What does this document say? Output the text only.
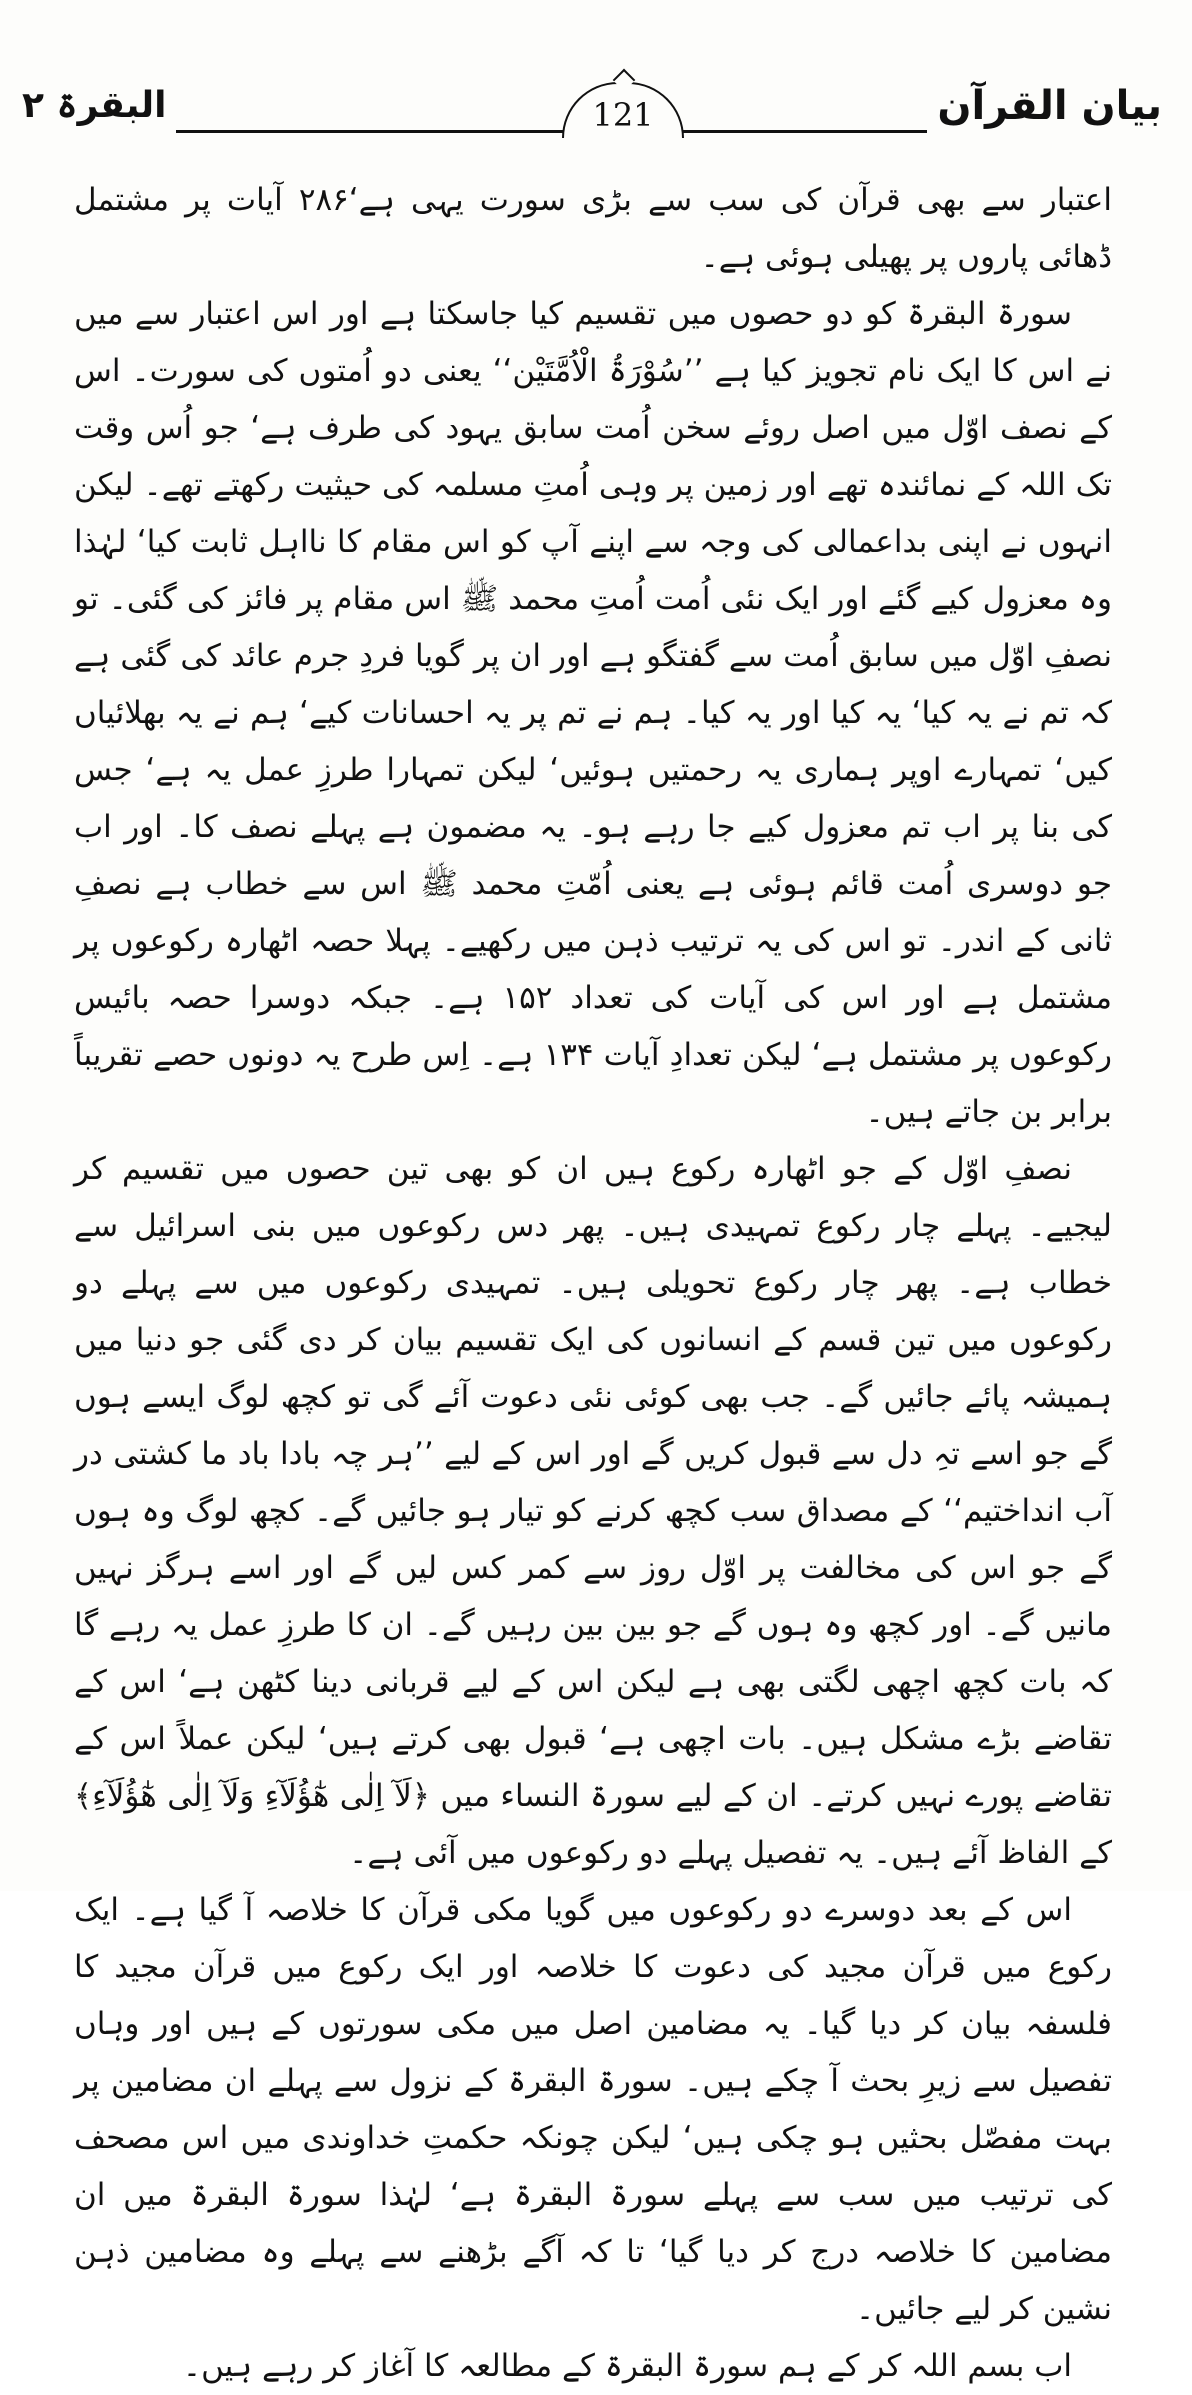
بیان القرآن
121
البقرۃ ۲

اعتبار سے بھی قرآن کی سب سے بڑی سورت یہی ہے‘۲۸۶ آیات پر مشتمل ڈھائی پاروں پر پھیلی ہوئی ہے۔

سورۃ البقرۃ کو دو حصوں میں تقسیم کیا جاسکتا ہے اور اس اعتبار سے میں نے اس کا ایک نام تجویز کیا ہے ’’سُوْرَۃُ الْاُمَّتَیْن‘‘ یعنی دو اُمتوں کی سورت۔ اس کے نصف اوّل میں اصل روئے سخن اُمت سابق یہود کی طرف ہے‘ جو اُس وقت تک اللہ کے نمائندہ تھے اور زمین پر وہی اُمتِ مسلمہ کی حیثیت رکھتے تھے۔ لیکن انہوں نے اپنی بداعمالی کی وجہ سے اپنے آپ کو اس مقام کا نااہل ثابت کیا‘ لہٰذا وہ معزول کیے گئے اور ایک نئی اُمت اُمتِ محمد ﷺ اس مقام پر فائز کی گئی۔ تو نصفِ اوّل میں سابق اُمت سے گفتگو ہے اور ان پر گویا فردِ جرم عائد کی گئی ہے کہ تم نے یہ کیا‘ یہ کیا اور یہ کیا۔ ہم نے تم پر یہ احسانات کیے‘ ہم نے یہ بھلائیاں کیں‘ تمہارے اوپر ہماری یہ رحمتیں ہوئیں‘ لیکن تمہارا طرزِ عمل یہ ہے‘ جس کی بنا پر اب تم معزول کیے جا رہے ہو۔ یہ مضمون ہے پہلے نصف کا۔ اور اب جو دوسری اُمت قائم ہوئی ہے یعنی اُمّتِ محمد ﷺ اس سے خطاب ہے نصفِ ثانی کے اندر۔ تو اس کی یہ ترتیب ذہن میں رکھیے۔ پہلا حصہ اٹھارہ رکوعوں پر مشتمل ہے اور اس کی آیات کی تعداد ۱۵۲ ہے۔ جبکہ دوسرا حصہ بائیس رکوعوں پر مشتمل ہے‘ لیکن تعدادِ آیات ۱۳۴ ہے۔ اِس طرح یہ دونوں حصے تقریباً برابر بن جاتے ہیں۔

نصفِ اوّل کے جو اٹھارہ رکوع ہیں ان کو بھی تین حصوں میں تقسیم کر لیجیے۔ پہلے چار رکوع تمہیدی ہیں۔ پھر دس رکوعوں میں بنی اسرائیل سے خطاب ہے۔ پھر چار رکوع تحویلی ہیں۔ تمہیدی رکوعوں میں سے پہلے دو رکوعوں میں تین قسم کے انسانوں کی ایک تقسیم بیان کر دی گئی جو دنیا میں ہمیشہ پائے جائیں گے۔ جب بھی کوئی نئی دعوت آئے گی تو کچھ لوگ ایسے ہوں گے جو اسے تہِ دل سے قبول کریں گے اور اس کے لیے ’’ہر چہ بادا باد ما کشتی در آب انداختیم‘‘ کے مصداق سب کچھ کرنے کو تیار ہو جائیں گے۔ کچھ لوگ وہ ہوں گے جو اس کی مخالفت پر اوّل روز سے کمر کس لیں گے اور اسے ہرگز نہیں مانیں گے۔ اور کچھ وہ ہوں گے جو بین بین رہیں گے۔ ان کا طرزِ عمل یہ رہے گا کہ بات کچھ اچھی لگتی بھی ہے لیکن اس کے لیے قربانی دینا کٹھن ہے‘ اس کے تقاضے بڑے مشکل ہیں۔ بات اچھی ہے‘ قبول بھی کرتے ہیں‘ لیکن عملاً اس کے تقاضے پورے نہیں کرتے۔ ان کے لیے سورۃ النساء میں ﴿لَآ اِلٰی ھٰٓؤُلَآءِ وَلَآ اِلٰی ھٰٓؤُلَآءِ﴾ کے الفاظ آئے ہیں۔ یہ تفصیل پہلے دو رکوعوں میں آئی ہے۔

اس کے بعد دوسرے دو رکوعوں میں گویا مکی قرآن کا خلاصہ آ گیا ہے۔ ایک رکوع میں قرآن مجید کی دعوت کا خلاصہ اور ایک رکوع میں قرآن مجید کا فلسفہ بیان کر دیا گیا۔ یہ مضامین اصل میں مکی سورتوں کے ہیں اور وہاں تفصیل سے زیرِ بحث آ چکے ہیں۔ سورۃ البقرۃ کے نزول سے پہلے ان مضامین پر بہت مفصّل بحثیں ہو چکی ہیں‘ لیکن چونکہ حکمتِ خداوندی میں اس مصحف کی ترتیب میں سب سے پہلے سورۃ البقرۃ ہے‘ لہٰذا سورۃ البقرۃ میں ان مضامین کا خلاصہ درج کر دیا گیا‘ تا کہ آگے بڑھنے سے پہلے وہ مضامین ذہن نشین کر لیے جائیں۔

اب بسم اللہ کر کے ہم سورۃ البقرۃ کے مطالعہ کا آغاز کر رہے ہیں۔
